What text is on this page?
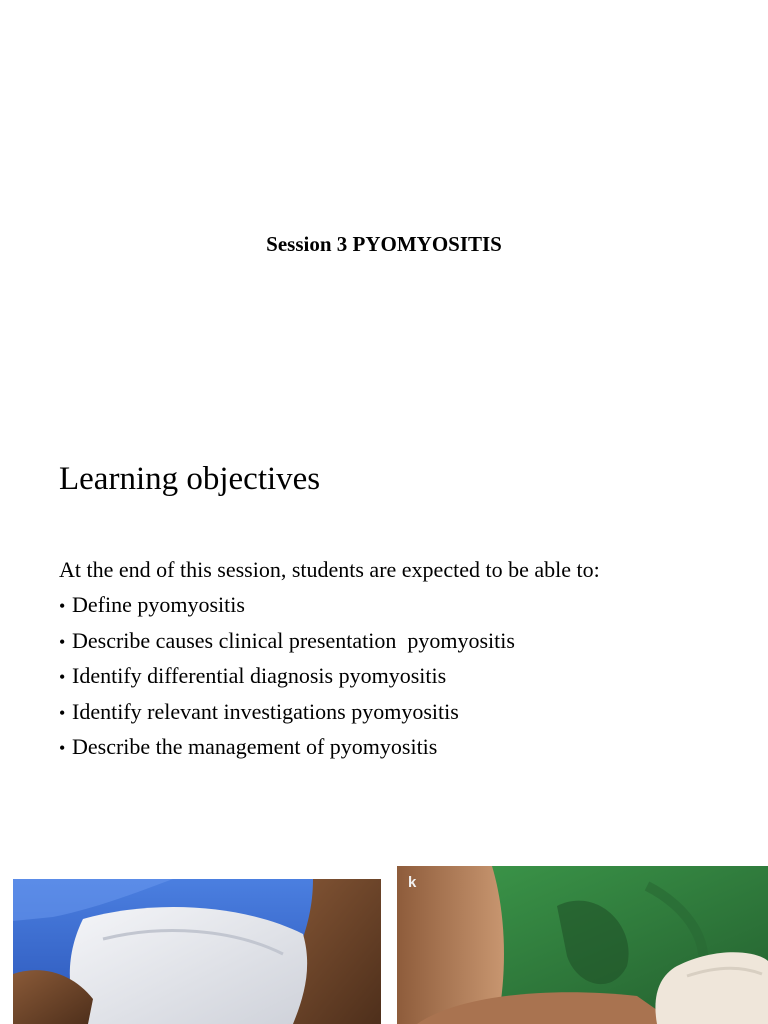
Session 3 PYOMYOSITIS
Learning objectives
At the end of this session, students are expected to be able to:
• Define pyomyositis
• Describe causes clinical presentation  pyomyositis
• Identify differential diagnosis pyomyositis
• Identify relevant investigations pyomyositis
• Describe the management of pyomyositis
k
